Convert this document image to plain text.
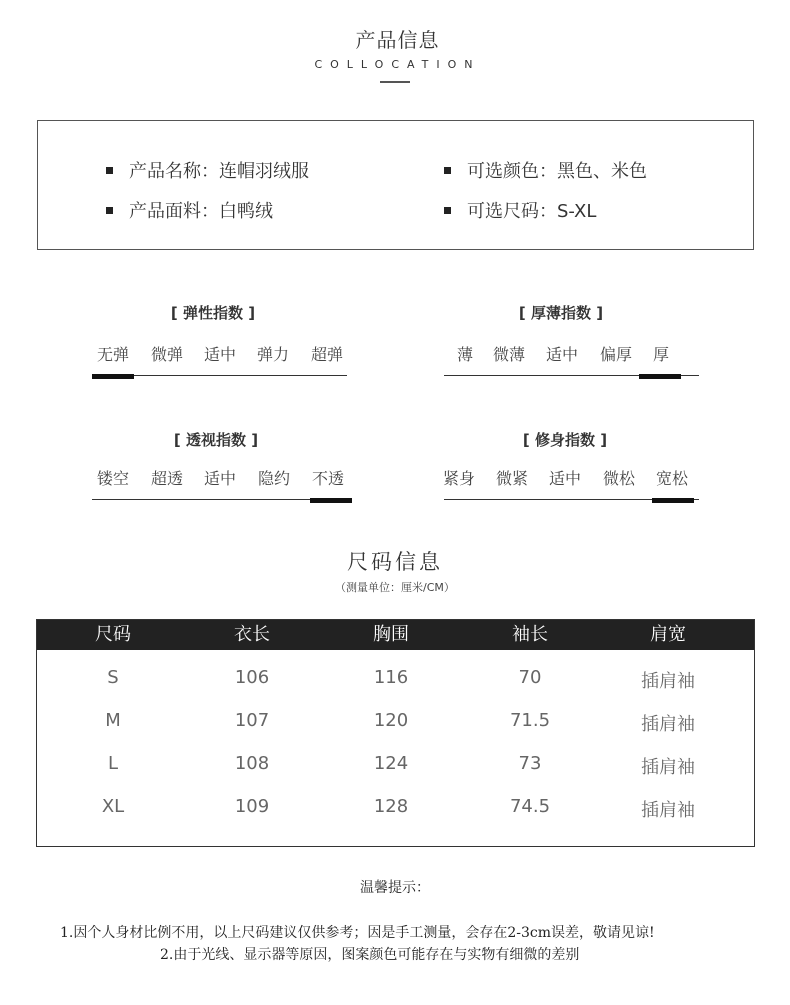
产品信息
COLLOCATION
产品名称：连帽羽绒服
产品面料：白鸭绒
可选颜色：黑色、米色
可选尺码：S-XL
[ 弹性指数 ]
无弹 微弹 适中 弹力 超弹
[ 厚薄指数 ]
薄 微薄 适中 偏厚 厚
[ 透视指数 ]
镂空 超透 适中 隐约 不透
[ 修身指数 ]
紧身 微紧 适中 微松 宽松
尺码信息
（测量单位：厘米/CM）
尺码	衣长	胸围	袖长	肩宽
S	106	116	70	插肩袖
M	107	120	71.5	插肩袖
L	108	124	73	插肩袖
XL	109	128	74.5	插肩袖
温馨提示：
1.因个人身材比例不用，以上尺码建议仅供参考；因是手工测量，会存在2-3cm误差，敬请见谅!
2.由于光线、显示器等原因，图案颜色可能存在与实物有细微的差别
